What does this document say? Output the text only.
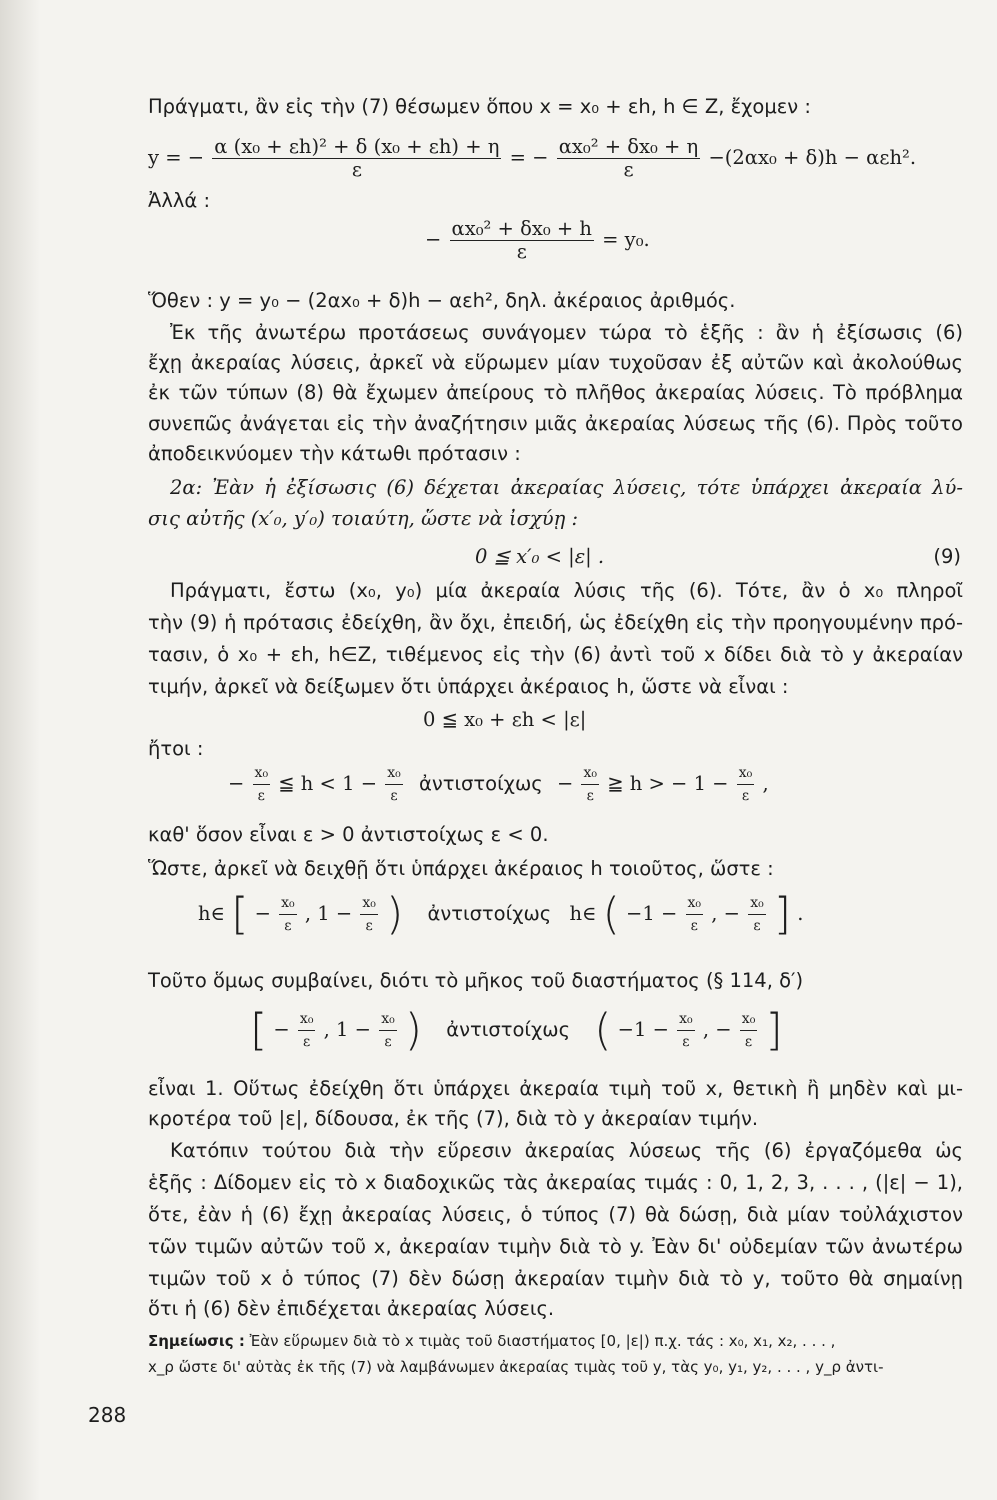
Πράγματι, ἂν εἰς τὴν (7) θέσωμεν ὅπου x = x₀ + εh, h ∈ Z, ἔχομεν :
y = − $\frac{\text{α (x₀ + εh)² + δ (x₀ + εh) + η}}{\varepsilon}$ = − $\frac{\text{αx₀² + δx₀ + η}}{\varepsilon} -(2\alpha x_0 + \delta)h - \alpha\varepsilon h^2$.
Ἀλλά :
− $\frac{\text{αx₀² + δx₀ + h}}{\varepsilon} = y_0$.
Ὅθεν : y = y₀ − (2αx₀ + δ)h − αεh², δηλ. ἀκέραιος ἀριθμός.
Ἐκ τῆς ἀνωτέρω προτάσεως συνάγομεν τώρα τὸ ἑξῆς : ἂν ἡ ἐξίσωσις (6)
ἔχῃ ἀκεραίας λύσεις, ἀρκεῖ νὰ εὕρωμεν μίαν τυχοῦσαν ἐξ αὐτῶν καὶ ἀκολούθως
ἐκ τῶν τύπων (8) θὰ ἔχωμεν ἀπείρους τὸ πλῆθος ἀκεραίας λύσεις. Τὸ πρόβλημα
συνεπῶς ἀνάγεται εἰς τὴν ἀναζήτησιν μιᾶς ἀκεραίας λύσεως τῆς (6). Πρὸς τοῦτο
ἀποδεικνύομεν τὴν κάτωθι πρότασιν :
2α: Ἐὰν ἡ ἐξίσωσις (6) δέχεται ἀκεραίας λύσεις, τότε ὑπάρχει ἀκεραία λύ-
σις αὐτῆς (x′₀, y′₀) τοιαύτη, ὥστε νὰ ἰσχύῃ :
0 ≦ x′₀ < |ε| .	(9)
Πράγματι, ἔστω (x₀, y₀) μία ἀκεραία λύσις τῆς (6). Τότε, ἂν ὁ x₀ πληροῖ
τὴν (9) ἡ πρότασις ἐδείχθη, ἂν ὄχι, ἐπειδή, ὡς ἐδείχθη εἰς τὴν προηγουμένην πρό-
τασιν, ὁ x₀ + εh, h∈Z, τιθέμενος εἰς τὴν (6) ἀντὶ τοῦ x δίδει διὰ τὸ y ἀκεραίαν
τιμήν, ἀρκεῖ νὰ δείξωμεν ὅτι ὑπάρχει ἀκέραιος h, ὥστε νὰ εἶναι :
0 ≦ x₀ + εh < |ε|
ἤτοι :
− $\frac{\text{x₀}}{\varepsilon}$ ≦ $h < 1 - \frac{\text{x₀}}{\varepsilon}$ ἀντιστοίχως − $\frac{\text{x₀}}{\varepsilon}$ ≧ h > − $1 - \frac{\text{x₀}}{\varepsilon}$ ,
καθ' ὅσον εἶναι ε > 0 ἀντιστοίχως ε < 0.
Ὥστε, ἀρκεῖ νὰ δειχθῇ ὅτι ὑπάρχει ἀκέραιος h τοιοῦτος, ὥστε :
h∈ [ − $\frac{\text{x₀}}{\varepsilon}$ , $1 - \frac{\text{x₀}}{\varepsilon}$ ) ἀντιστοίχως h∈ ( $-1 - \frac{\text{x₀}}{\varepsilon}$ , − $\frac{\text{x₀}}{\varepsilon}$ ] .
Τοῦτο ὅμως συμβαίνει, διότι τὸ μῆκος τοῦ διαστήματος (§ 114, δ′)
[ − $\frac{\text{x₀}}{\varepsilon}$ , $1 - \frac{\text{x₀}}{\varepsilon}$ ) ἀντιστοίχως ( $-1 - \frac{\text{x₀}}{\varepsilon}$ , − $\frac{\text{x₀}}{\varepsilon}$ ]
εἶναι 1. Οὕτως ἐδείχθη ὅτι ὑπάρχει ἀκεραία τιμὴ τοῦ x, θετικὴ ἢ μηδὲν καὶ μι-
κροτέρα τοῦ |ε|, δίδουσα, ἐκ τῆς (7), διὰ τὸ y ἀκεραίαν τιμήν.
Κατόπιν τούτου διὰ τὴν εὕρεσιν ἀκεραίας λύσεως τῆς (6) ἐργαζόμεθα ὡς
ἑξῆς : Δίδομεν εἰς τὸ x διαδοχικῶς τὰς ἀκεραίας τιμάς : 0, 1, 2, 3, . . . , (|ε| − 1),
ὅτε, ἐὰν ἡ (6) ἔχῃ ἀκεραίας λύσεις, ὁ τύπος (7) θὰ δώσῃ, διὰ μίαν τοὐλάχιστον
τῶν τιμῶν αὐτῶν τοῦ x, ἀκεραίαν τιμὴν διὰ τὸ y. Ἐὰν δι' οὐδεμίαν τῶν ἀνωτέρω
τιμῶν τοῦ x ὁ τύπος (7) δὲν δώσῃ ἀκεραίαν τιμὴν διὰ τὸ y, τοῦτο θὰ σημαίνῃ
ὅτι ἡ (6) δὲν ἐπιδέχεται ἀκεραίας λύσεις.
Σημείωσις : Ἐὰν εὕρωμεν διὰ τὸ x τιμὰς τοῦ διαστήματος [0, |ε|) π.χ. τάς : x₀, x₁, x₂, . . . ,
x_ρ ὥστε δι' αὐτὰς ἐκ τῆς (7) νὰ λαμβάνωμεν ἀκεραίας τιμὰς τοῦ y, τὰς y₀, y₁, y₂, . . . , y_ρ ἀντι-
288
